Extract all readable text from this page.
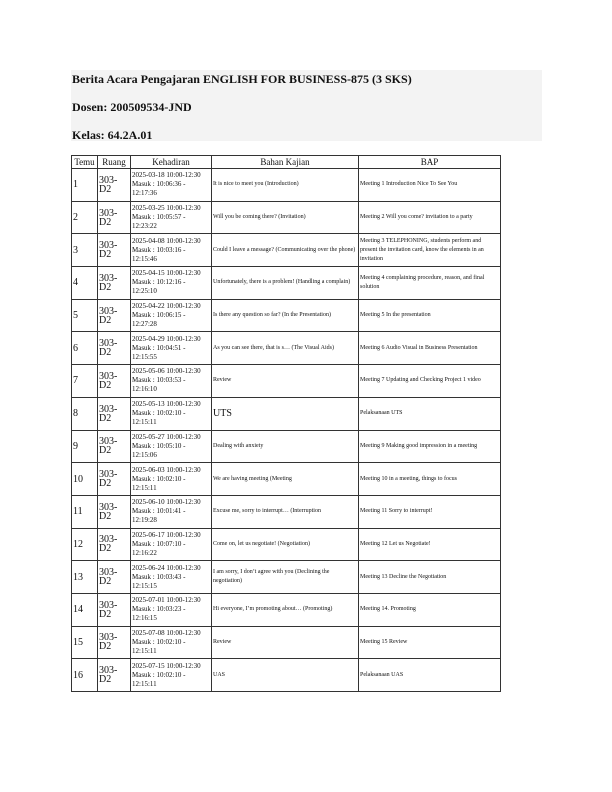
Berita Acara Pengajaran ENGLISH FOR BUSINESS-875 (3 SKS)

Dosen: 200509534-JND

Kelas: 64.2A.01

Temu	Ruang	Kehadiran	Bahan Kajian	BAP
1	303-D2	2025-03-18 10:00-12:30
Masuk : 10:06:36 -
12:17:36	It is nice to meet you (Introduction)	Meeting 1 Introduction Nice To See You
2	303-D2	2025-03-25 10:00-12:30
Masuk : 10:05:57 -
12:23:22	Will you be coming there? (Invitation)	Meeting 2 Will you come? invitation to a party
3	303-D2	2025-04-08 10:00-12:30
Masuk : 10:03:16 -
12:15:46	Could I leave a message? (Communicating over the phone)	Meeting 3 TELEPHONING, students perform and present the invitation card, know the elements in an invitation
4	303-D2	2025-04-15 10:00-12:30
Masuk : 10:12:16 -
12:25:10	Unfortunately, there is a problem! (Handling a complain)	Meeting 4 complaining procedure, reason, and final solution
5	303-D2	2025-04-22 10:00-12:30
Masuk : 10:06:15 -
12:27:28	Is there any question so far? (In the Presentation)	Meeting 5 In the presentation
6	303-D2	2025-04-29 10:00-12:30
Masuk : 10:04:51 -
12:15:55	As you can see there, that is s… (The Visual Aids)	Meeting 6 Audio Visual in Business Presentation
7	303-D2	2025-05-06 10:00-12:30
Masuk : 10:03:53 -
12:16:10	Review	Meeting 7 Updating and Checking Project 1 video
8	303-D2	2025-05-13 10:00-12:30
Masuk : 10:02:10 -
12:15:11	UTS	Pelaksanaan UTS
9	303-D2	2025-05-27 10:00-12:30
Masuk : 10:05:10 -
12:15:06	Dealing with anxiety	Meeting 9 Making good impression in a meeting
10	303-D2	2025-06-03 10:00-12:30
Masuk : 10:02:10 -
12:15:11	We are having meeting (Meeting	Meeting 10 in a meeting, things to focus
11	303-D2	2025-06-10 10:00-12:30
Masuk : 10:01:41 -
12:19:28	Excuse me, sorry to interrupt… (Interruption	Meeting 11 Sorry to interrupt!
12	303-D2	2025-06-17 10:00-12:30
Masuk : 10:07:10 -
12:16:22	Come on, let us negotiate! (Negotiation)	Meeting 12 Let us Negotiate!
13	303-D2	2025-06-24 10:00-12:30
Masuk : 10:03:43 -
12:15:15	I am sorry, I don’t agree with you (Declining the negotiation)	Meeting 13 Decline the Negotiation
14	303-D2	2025-07-01 10:00-12:30
Masuk : 10:03:23 -
12:16:15	Hi everyone, I’m promoting about… (Promoting)	Meeting 14. Promoting
15	303-D2	2025-07-08 10:00-12:30
Masuk : 10:02:10 -
12:15:11	Review	Meeting 15 Review
16	303-D2	2025-07-15 10:00-12:30
Masuk : 10:02:10 -
12:15:11	UAS	Pelaksanaan UAS
